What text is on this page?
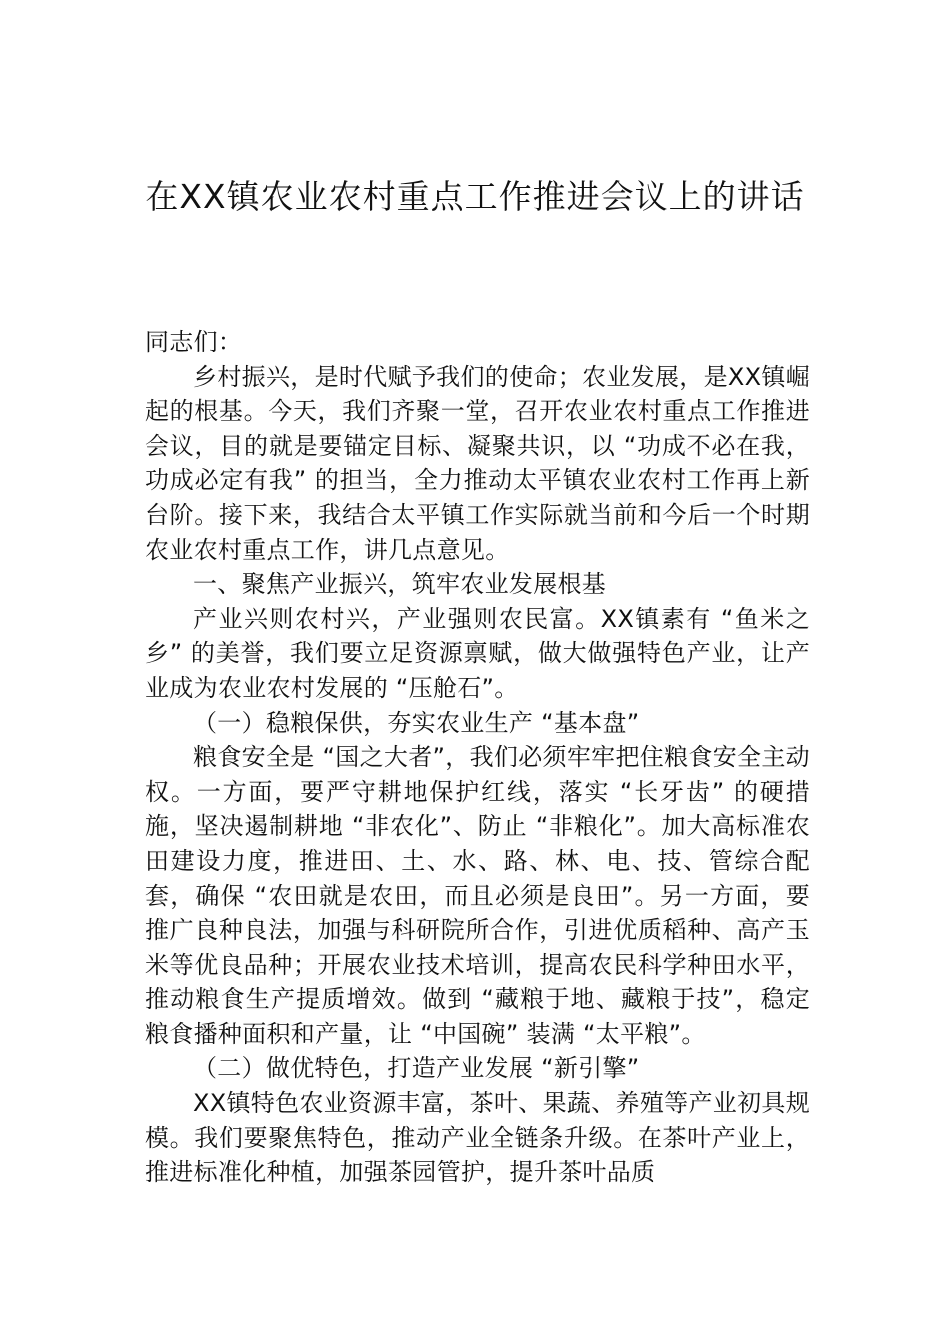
在XX镇农业农村重点工作推进会议上的讲话

同志们：

乡村振兴，是时代赋予我们的使命；农业发展，是XX镇崛起的根基。今天，我们齐聚一堂，召开农业农村重点工作推进会议，目的就是要锚定目标、凝聚共识，以 “功成不必在我，功成必定有我” 的担当，全力推动太平镇农业农村工作再上新台阶。接下来，我结合太平镇工作实际就当前和今后一个时期农业农村重点工作，讲几点意见。

一、聚焦产业振兴，筑牢农业发展根基

产业兴则农村兴，产业强则农民富。XX镇素有 “鱼米之乡” 的美誉，我们要立足资源禀赋，做大做强特色产业，让产业成为农业农村发展的 “压舱石”。

（一）稳粮保供，夯实农业生产 “基本盘”

粮食安全是 “国之大者”，我们必须牢牢把住粮食安全主动权。一方面，要严守耕地保护红线，落实 “长牙齿” 的硬措施，坚决遏制耕地 “非农化”、防止 “非粮化”。加大高标准农田建设力度，推进田、土、水、路、林、电、技、管综合配套，确保 “农田就是农田，而且必须是良田”。另一方面，要推广良种良法，加强与科研院所合作，引进优质稻种、高产玉米等优良品种；开展农业技术培训，提高农民科学种田水平，推动粮食生产提质增效。做到 “藏粮于地、藏粮于技”，稳定粮食播种面积和产量，让 “中国碗” 装满 “太平粮”。

（二）做优特色，打造产业发展 “新引擎”

XX镇特色农业资源丰富，茶叶、果蔬、养殖等产业初具规模。我们要聚焦特色，推动产业全链条升级。在茶叶产业上，推进标准化种植，加强茶园管护，提升茶叶品质
